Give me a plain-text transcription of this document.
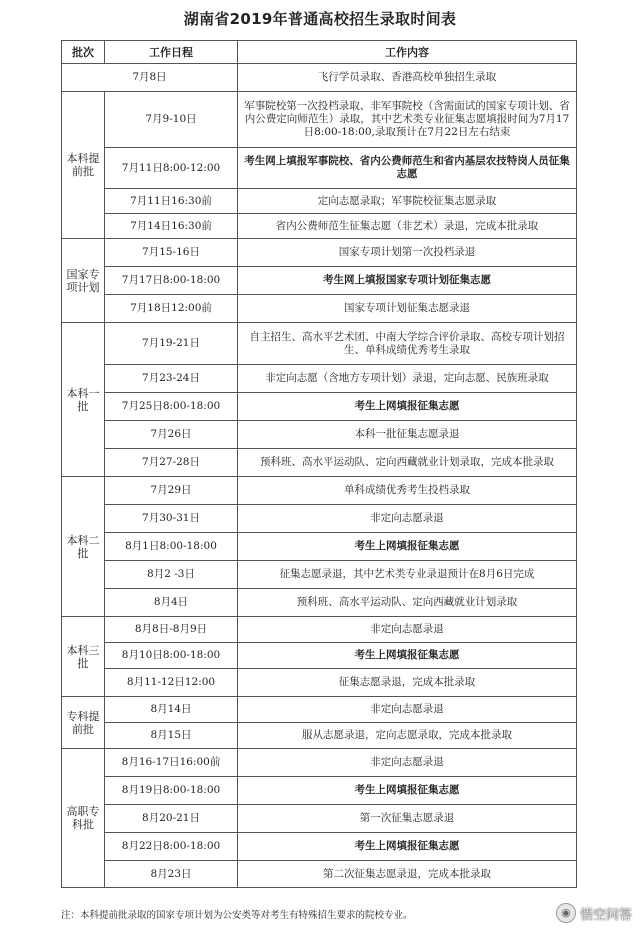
湖南省2019年普通高校招生录取时间表
批次	工作日程	工作内容
7月8日		飞行学员录取、香港高校单独招生录取
本科提前批	7月9-10日	军事院校第一次投档录取、非军事院校（含需面试的国家专项计划、省内公费定向师范生）录取，其中艺术类专业征集志愿填报时间为7月17日8:00-18:00,录取预计在7月22日左右结束
	7月11日8:00-12:00	考生网上填报军事院校、省内公费师范生和省内基层农技特岗人员征集志愿
	7月11日16:30前	定向志愿录取；军事院校征集志愿录取
	7月14日16:30前	省内公费师范生征集志愿（非艺术）录退，完成本批录取
国家专项计划	7月15-16日	国家专项计划第一次投档录退
	7月17日8:00-18:00	考生网上填报国家专项计划征集志愿
	7月18日12:00前	国家专项计划征集志愿录退
本科一批	7月19-21日	自主招生、高水平艺术团、中南大学综合评价录取、高校专项计划招生、单科成绩优秀考生录取
	7月23-24日	非定向志愿（含地方专项计划）录退，定向志愿、民族班录取
	7月25日8:00-18:00	考生上网填报征集志愿
	7月26日	本科一批征集志愿录退
	7月27-28日	预科班、高水平运动队、定向西藏就业计划录取，完成本批录取
本科二批	7月29日	单科成绩优秀考生投档录取
	7月30-31日	非定向志愿录退
	8月1日8:00-18:00	考生上网填报征集志愿
	8月2 -3日	征集志愿录退，其中艺术类专业录退预计在8月6日完成
	8月4日	预科班、高水平运动队、定向西藏就业计划录取
本科三批	8月8日-8月9日	非定向志愿录退
	8月10日8:00-18:00	考生上网填报征集志愿
	8月11-12日12:00	征集志愿录退，完成本批录取
专科提前批	8月14日	非定向志愿录退
	8月15日	服从志愿录退，定向志愿录取，完成本批录取
高职专科批	8月16-17日16:00前	非定向志愿录退
	8月19日8:00-18:00	考生上网填报征集志愿
	8月20-21日	第一次征集志愿录退
	8月22日8:00-18:00	考生上网填报征集志愿
	8月23日	第二次征集志愿录退，完成本批录取
注：本科提前批录取的国家专项计划为公安类等对考生有特殊招生要求的院校专业。	◉ 悟空问答
